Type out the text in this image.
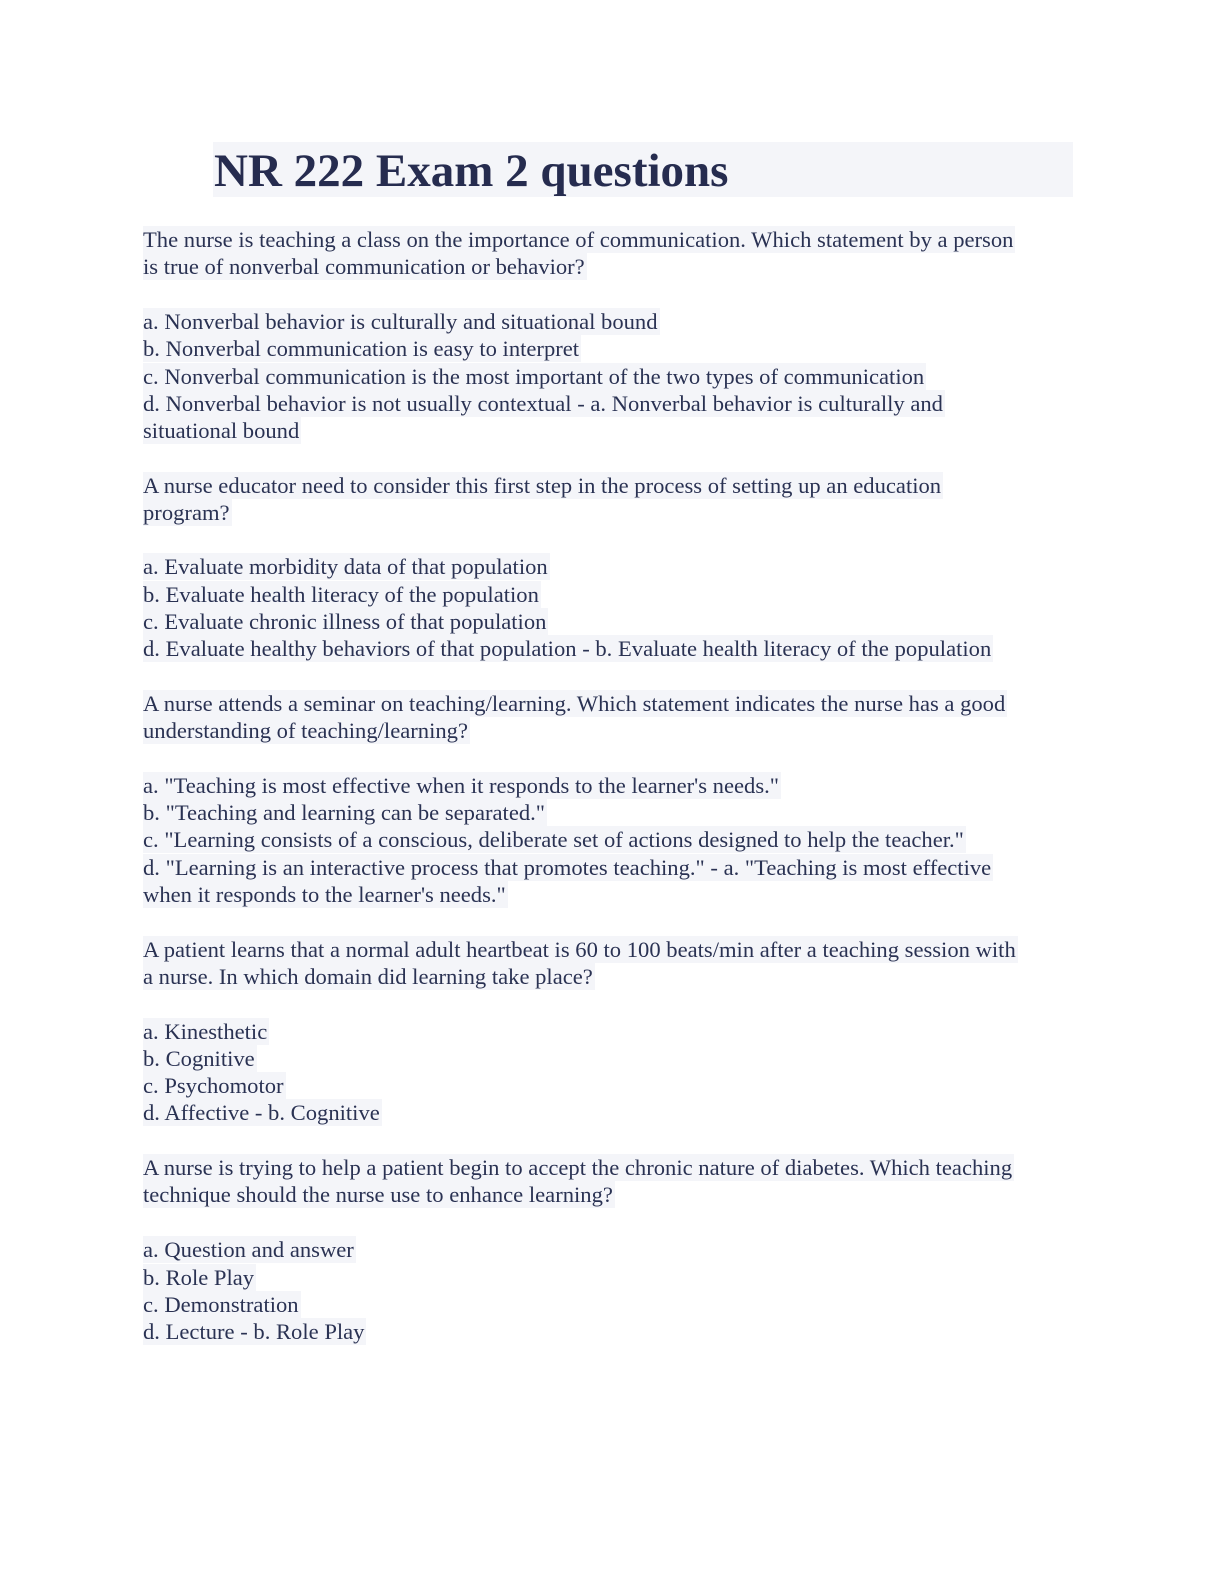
NR 222 Exam 2 questions
The nurse is teaching a class on the importance of communication. Which statement by a person
is true of nonverbal communication or behavior?
a. Nonverbal behavior is culturally and situational bound
b. Nonverbal communication is easy to interpret
c. Nonverbal communication is the most important of the two types of communication
d. Nonverbal behavior is not usually contextual - a. Nonverbal behavior is culturally and
situational bound
A nurse educator need to consider this first step in the process of setting up an education
program?
a. Evaluate morbidity data of that population
b. Evaluate health literacy of the population
c. Evaluate chronic illness of that population
d. Evaluate healthy behaviors of that population - b. Evaluate health literacy of the population
A nurse attends a seminar on teaching/learning. Which statement indicates the nurse has a good
understanding of teaching/learning?
a. "Teaching is most effective when it responds to the learner's needs."
b. "Teaching and learning can be separated."
c. "Learning consists of a conscious, deliberate set of actions designed to help the teacher."
d. "Learning is an interactive process that promotes teaching." - a. "Teaching is most effective
when it responds to the learner's needs."
A patient learns that a normal adult heartbeat is 60 to 100 beats/min after a teaching session with
a nurse. In which domain did learning take place?
a. Kinesthetic
b. Cognitive
c. Psychomotor
d. Affective - b. Cognitive
A nurse is trying to help a patient begin to accept the chronic nature of diabetes. Which teaching
technique should the nurse use to enhance learning?
a. Question and answer
b. Role Play
c. Demonstration
d. Lecture - b. Role Play
